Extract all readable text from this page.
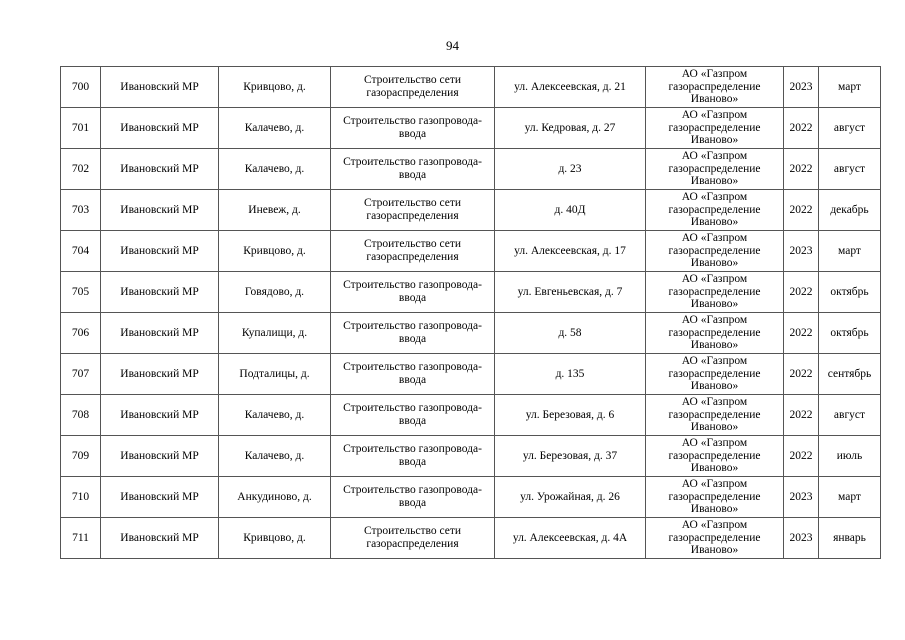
94
700	Ивановский МР	Кривцово, д.	Строительство сети газораспределения	ул. Алексеевская, д. 21	АО «Газпром газораспределение Иваново»	2023	март
701	Ивановский МР	Калачево, д.	Строительство газопровода-ввода	ул. Кедровая, д. 27	АО «Газпром газораспределение Иваново»	2022	август
702	Ивановский МР	Калачево, д.	Строительство газопровода-ввода	д. 23	АО «Газпром газораспределение Иваново»	2022	август
703	Ивановский МР	Иневеж, д.	Строительство сети газораспределения	д. 40Д	АО «Газпром газораспределение Иваново»	2022	декабрь
704	Ивановский МР	Кривцово, д.	Строительство сети газораспределения	ул. Алексеевская, д. 17	АО «Газпром газораспределение Иваново»	2023	март
705	Ивановский МР	Говядово, д.	Строительство газопровода-ввода	ул. Евгеньевская, д. 7	АО «Газпром газораспределение Иваново»	2022	октябрь
706	Ивановский МР	Купалищи, д.	Строительство газопровода-ввода	д. 58	АО «Газпром газораспределение Иваново»	2022	октябрь
707	Ивановский МР	Подталицы, д.	Строительство газопровода-ввода	д. 135	АО «Газпром газораспределение Иваново»	2022	сентябрь
708	Ивановский МР	Калачево, д.	Строительство газопровода-ввода	ул. Березовая, д. 6	АО «Газпром газораспределение Иваново»	2022	август
709	Ивановский МР	Калачево, д.	Строительство газопровода-ввода	ул. Березовая, д. 37	АО «Газпром газораспределение Иваново»	2022	июль
710	Ивановский МР	Анкудиново, д.	Строительство газопровода-ввода	ул. Урожайная, д. 26	АО «Газпром газораспределение Иваново»	2023	март
711	Ивановский МР	Кривцово, д.	Строительство сети газораспределения	ул. Алексеевская, д. 4А	АО «Газпром газораспределение Иваново»	2023	январь
